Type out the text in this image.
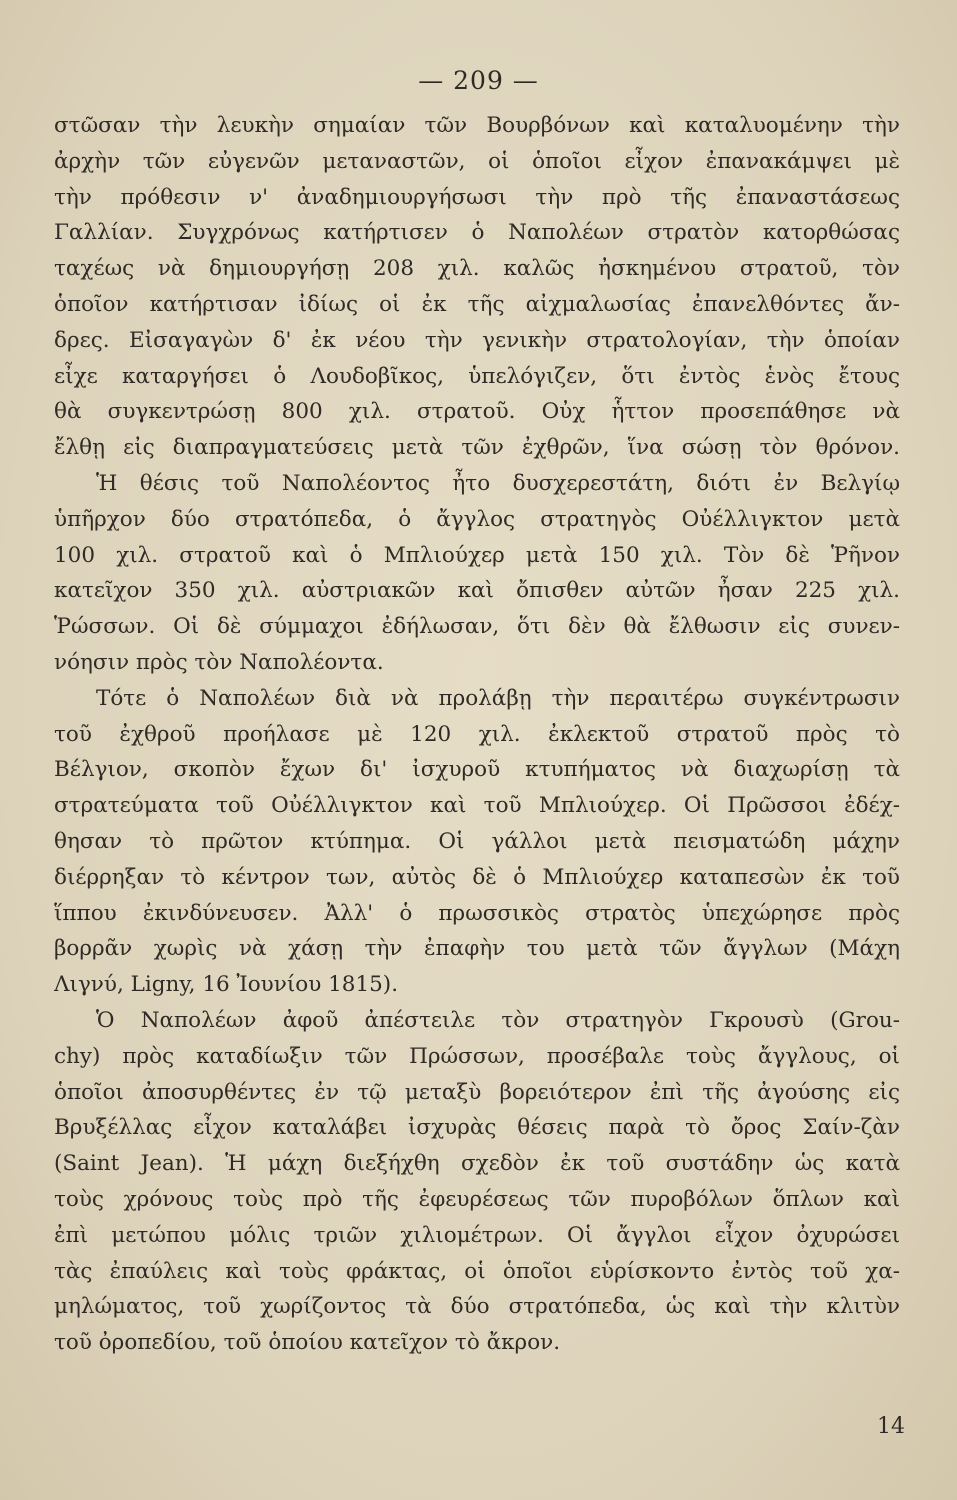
— 209 —
στῶσαν τὴν λευκὴν σημαίαν τῶν Βουρβόνων καὶ καταλυομένην τὴν
ἀρχὴν τῶν εὐγενῶν μεταναστῶν, οἱ ὁποῖοι εἶχον ἐπανακάμψει μὲ
τὴν πρόθεσιν ν' ἀναδημιουργήσωσι τὴν πρὸ τῆς ἐπαναστάσεως
Γαλλίαν. Συγχρόνως κατήρτισεν ὁ Ναπολέων στρατὸν κατορθώσας
ταχέως νὰ δημιουργήσῃ 208 χιλ. καλῶς ἠσκημένου στρατοῦ, τὸν
ὁποῖον κατήρτισαν ἰδίως οἱ ἐκ τῆς αἰχμαλωσίας ἐπανελθόντες ἄν-
δρες. Εἰσαγαγὼν δ' ἐκ νέου τὴν γενικὴν στρατολογίαν, τὴν ὁποίαν
εἶχε καταργήσει ὁ Λουδοβῖκος, ὑπελόγιζεν, ὅτι ἐντὸς ἑνὸς ἔτους
θὰ συγκεντρώσῃ 800 χιλ. στρατοῦ. Οὐχ ἧττον προσεπάθησε νὰ
ἔλθῃ εἰς διαπραγματεύσεις μετὰ τῶν ἐχθρῶν, ἵνα σώσῃ τὸν θρόνον.
Ἡ θέσις τοῦ Ναπολέοντος ἦτο δυσχερεστάτη, διότι ἐν Βελγίῳ
ὑπῆρχον δύο στρατόπεδα, ὁ ἄγγλος στρατηγὸς Οὐέλλιγκτον μετὰ
100 χιλ. στρατοῦ καὶ ὁ Μπλιούχερ μετὰ 150 χιλ. Τὸν δὲ Ῥῆνον
κατεῖχον 350 χιλ. αὐστριακῶν καὶ ὄπισθεν αὐτῶν ἦσαν 225 χιλ.
Ῥώσσων. Οἱ δὲ σύμμαχοι ἐδήλωσαν, ὅτι δὲν θὰ ἔλθωσιν εἰς συνεν-
νόησιν πρὸς τὸν Ναπολέοντα.
Τότε ὁ Ναπολέων διὰ νὰ προλάβῃ τὴν περαιτέρω συγκέντρωσιν
τοῦ ἐχθροῦ προήλασε μὲ 120 χιλ. ἐκλεκτοῦ στρατοῦ πρὸς τὸ
Βέλγιον, σκοπὸν ἔχων δι' ἰσχυροῦ κτυπήματος νὰ διαχωρίσῃ τὰ
στρατεύματα τοῦ Οὐέλλιγκτον καὶ τοῦ Μπλιούχερ. Οἱ Πρῶσσοι ἐδέχ-
θησαν τὸ πρῶτον κτύπημα. Οἱ γάλλοι μετὰ πεισματώδη μάχην
διέρρηξαν τὸ κέντρον των, αὐτὸς δὲ ὁ Μπλιούχερ καταπεσὼν ἐκ τοῦ
ἵππου ἐκινδύνευσεν. Ἀλλ' ὁ πρωσσικὸς στρατὸς ὑπεχώρησε πρὸς
βορρᾶν χωρὶς νὰ χάσῃ τὴν ἐπαφὴν του μετὰ τῶν ἄγγλων (Μάχη
Λιγνύ, Ligny, 16 Ἰουνίου 1815).
Ὁ Ναπολέων ἀφοῦ ἀπέστειλε τὸν στρατηγὸν Γκρουσὺ (Grou-
chy) πρὸς καταδίωξιν τῶν Πρώσσων, προσέβαλε τοὺς ἄγγλους, οἱ
ὁποῖοι ἀποσυρθέντες ἐν τῷ μεταξὺ βορειότερον ἐπὶ τῆς ἀγούσης εἰς
Βρυξέλλας εἶχον καταλάβει ἰσχυρὰς θέσεις παρὰ τὸ ὄρος Σαίν-ζὰν
(Saint Jean). Ἡ μάχη διεξήχθη σχεδὸν ἐκ τοῦ συστάδην ὡς κατὰ
τοὺς χρόνους τοὺς πρὸ τῆς ἐφευρέσεως τῶν πυροβόλων ὅπλων καὶ
ἐπὶ μετώπου μόλις τριῶν χιλιομέτρων. Οἱ ἄγγλοι εἶχον ὀχυρώσει
τὰς ἐπαύλεις καὶ τοὺς φράκτας, οἱ ὁποῖοι εὑρίσκοντο ἐντὸς τοῦ χα-
μηλώματος, τοῦ χωρίζοντος τὰ δύο στρατόπεδα, ὡς καὶ τὴν κλιτὺν
τοῦ ὀροπεδίου, τοῦ ὁποίου κατεῖχον τὸ ἄκρον.
14
